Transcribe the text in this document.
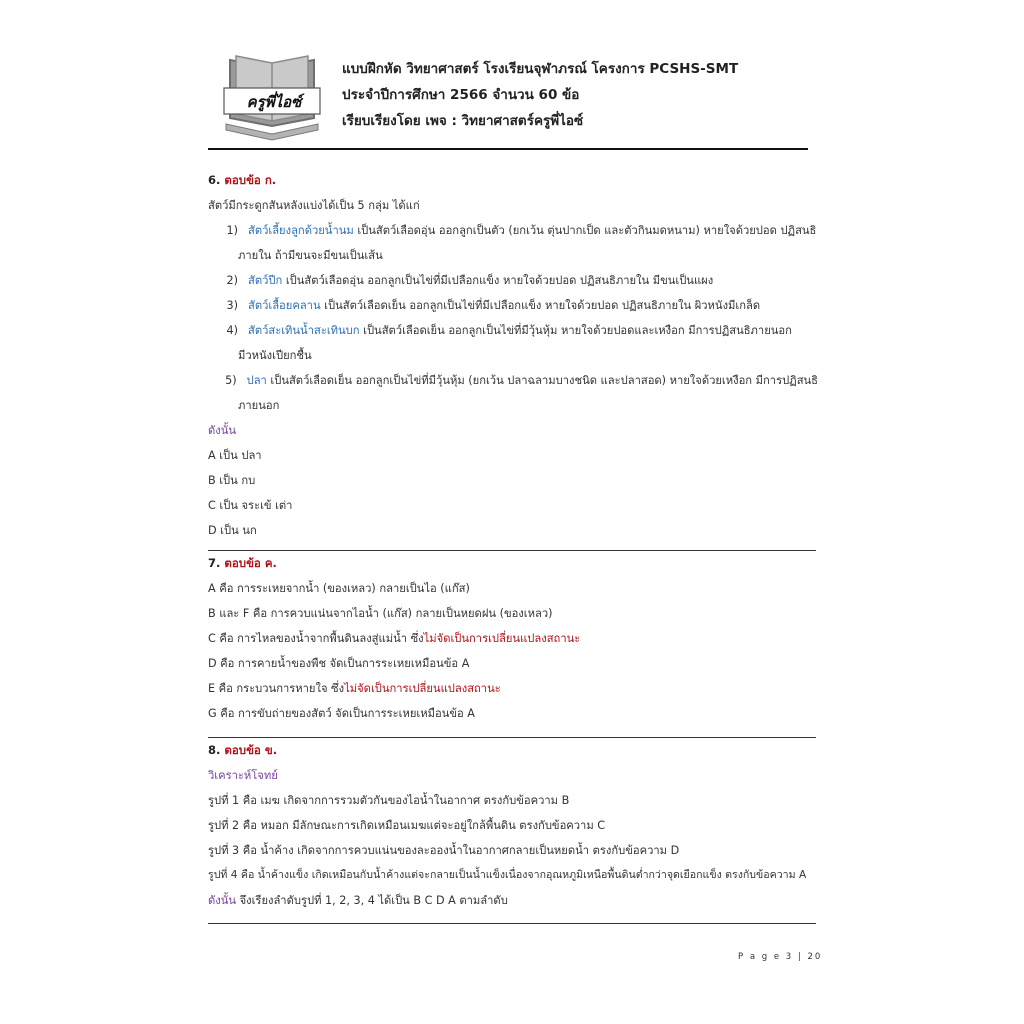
ครูพี่ไอซ์
แบบฝึกหัด วิทยาศาสตร์ โรงเรียนจุฬาภรณ์ โครงการ PCSHS-SMT
ประจำปีการศึกษา 2566 จำนวน 60 ข้อ
เรียบเรียงโดย เพจ : วิทยาศาสตร์ครูพี่ไอซ์
6. ตอบข้อ ก.
สัตว์มีกระดูกสันหลังแบ่งได้เป็น 5 กลุ่ม ได้แก่
1) สัตว์เลี้ยงลูกด้วยน้ำนม เป็นสัตว์เลือดอุ่น ออกลูกเป็นตัว (ยกเว้น ตุ่นปากเป็ด และตัวกินมดหนาม) หายใจด้วยปอด ปฏิสนธิ
ภายใน ถ้ามีขนจะมีขนเป็นเส้น
2) สัตว์ปีก เป็นสัตว์เลือดอุ่น ออกลูกเป็นไข่ที่มีเปลือกแข็ง หายใจด้วยปอด ปฏิสนธิภายใน มีขนเป็นแผง
3) สัตว์เลื้อยคลาน เป็นสัตว์เลือดเย็น ออกลูกเป็นไข่ที่มีเปลือกแข็ง หายใจด้วยปอด ปฏิสนธิภายใน ผิวหนังมีเกล็ด
4) สัตว์สะเทินน้ำสะเทินบก เป็นสัตว์เลือดเย็น ออกลูกเป็นไข่ที่มีวุ้นหุ้ม หายใจด้วยปอดและเหงือก มีการปฏิสนธิภายนอก
มีวหนังเปียกชื้น
5) ปลา เป็นสัตว์เลือดเย็น ออกลูกเป็นไข่ที่มีวุ้นหุ้ม (ยกเว้น ปลาฉลามบางชนิด และปลาสอด) หายใจด้วยเหงือก มีการปฏิสนธิ
ภายนอก
ดังนั้น
A เป็น ปลา
B เป็น กบ
C เป็น จระเข้ เต่า
D เป็น นก
7. ตอบข้อ ค.
A คือ การระเหยจากน้ำ (ของเหลว) กลายเป็นไอ (แก๊ส)
B และ F คือ การควบแน่นจากไอน้ำ (แก๊ส) กลายเป็นหยดฝน (ของเหลว)
C คือ การไหลของน้ำจากพื้นดินลงสู่แม่น้ำ ซึ่งไม่จัดเป็นการเปลี่ยนแปลงสถานะ
D คือ การคายน้ำของพืช จัดเป็นการระเหยเหมือนข้อ A
E คือ กระบวนการหายใจ ซึ่งไม่จัดเป็นการเปลี่ยนแปลงสถานะ
G คือ การขับถ่ายของสัตว์ จัดเป็นการระเหยเหมือนข้อ A
8. ตอบข้อ ข.
วิเคราะห์โจทย์
รูปที่ 1 คือ เมฆ เกิดจากการรวมตัวกันของไอน้ำในอากาศ ตรงกับข้อความ B
รูปที่ 2 คือ หมอก มีลักษณะการเกิดเหมือนเมฆแต่จะอยู่ใกล้พื้นดิน ตรงกับข้อความ C
รูปที่ 3 คือ น้ำค้าง เกิดจากการควบแน่นของละอองน้ำในอากาศกลายเป็นหยดน้ำ ตรงกับข้อความ D
รูปที่ 4 คือ น้ำค้างแข็ง เกิดเหมือนกับน้ำค้างแต่จะกลายเป็นน้ำแข็งเนื่องจากอุณหภูมิเหนือพื้นดินต่ำกว่าจุดเยือกแข็ง ตรงกับข้อความ A
ดังนั้น จึงเรียงลำดับรูปที่ 1, 2, 3, 4 ได้เป็น B C D A ตามลำดับ
P a g e 3 | 20
